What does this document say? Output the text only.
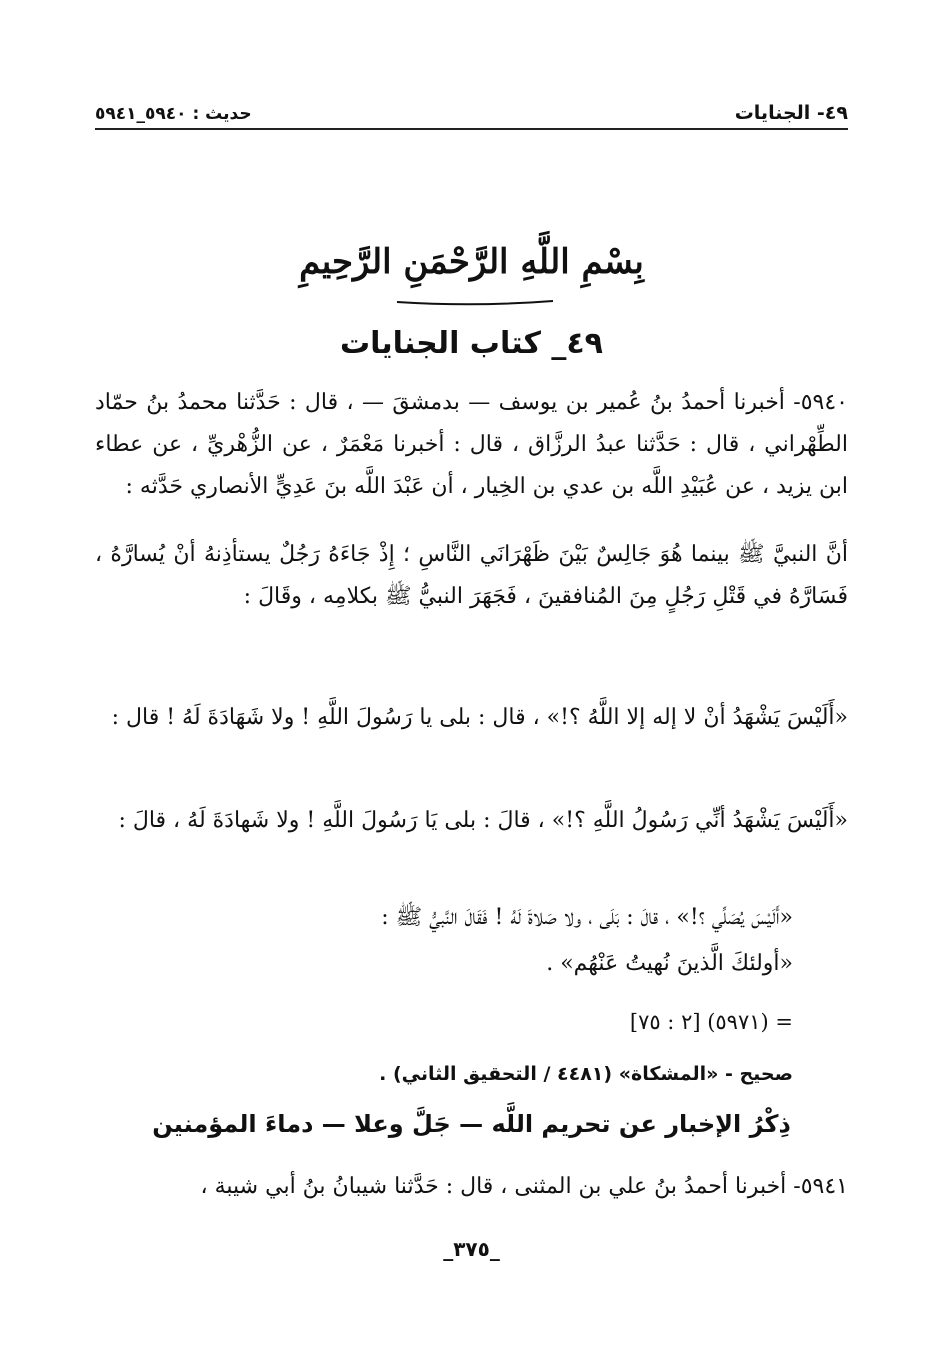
٤٩- الجنايات
حديث : ٥٩٤٠_٥٩٤١
بِسْمِ اللَّهِ الرَّحْمَنِ الرَّحِيمِ
٤٩_ كتاب الجنايات
٥٩٤٠- أخبرنا أحمدُ بنُ عُمير بن يوسف — بدمشقَ — ، قال : حَدَّثنا محمدُ بنُ حمّاد الطِّهْراني ، قال : حَدَّثنا عبدُ الرزَّاق ، قال : أخبرنا مَعْمَرٌ ، عن الزُّهْريِّ ، عن عطاء ابن يزيد ، عن عُبَيْدِ اللَّه بن عدي بن الخِيار ، أن عَبْدَ اللَّه بنَ عَدِيٍّ الأنصاري حَدَّثه :
أنَّ النبيَّ ﷺ بينما هُوَ جَالِسٌ بَيْنَ ظَهْرَانَي النَّاسِ ؛ إِذْ جَاءَهُ رَجُلٌ يستأذِنهُ أنْ يُسارَّهُ ، فَسَارَّهُ في قَتْلِ رَجُلٍ مِنَ المُنافقينَ ، فَجَهَرَ النبيُّ ﷺ بكلامِه ، وقَالَ :
«أَلَيْسَ يَشْهَدُ أنْ لا إله إلا اللَّهُ ؟!» ، قال : بلى يا رَسُولَ اللَّهِ ! ولا شَهَادَةَ لَهُ ! قال :
«أَلَيْسَ يَشْهَدُ أنِّي رَسُولُ اللَّهِ ؟!» ، قالَ : بلى يَا رَسُولَ اللَّهِ ! ولا شَهادَةَ لَهُ ، قالَ :
«أَلَيْسَ يُصَلِّي ؟!» ، قالَ : بَلَى ، ولا صَلاةَ لَهُ ! فَقَالَ النَّبيُّ ﷺ :
«أولئكَ الَّذينَ نُهيتُ عَنْهُم» .
= (٥٩٧١) [٢ : ٧٥]
صحيح - «المشكاة» (٤٤٨١ / التحقيق الثاني) .
ذِكْرُ الإخبار عن تحريم اللَّه — جَلَّ وعلا — دماءَ المؤمنين
٥٩٤١- أخبرنا أحمدُ بنُ علي بن المثنى ، قال : حَدَّثنا شيبانُ بنُ أبي شيبة ،
_٣٧٥_
